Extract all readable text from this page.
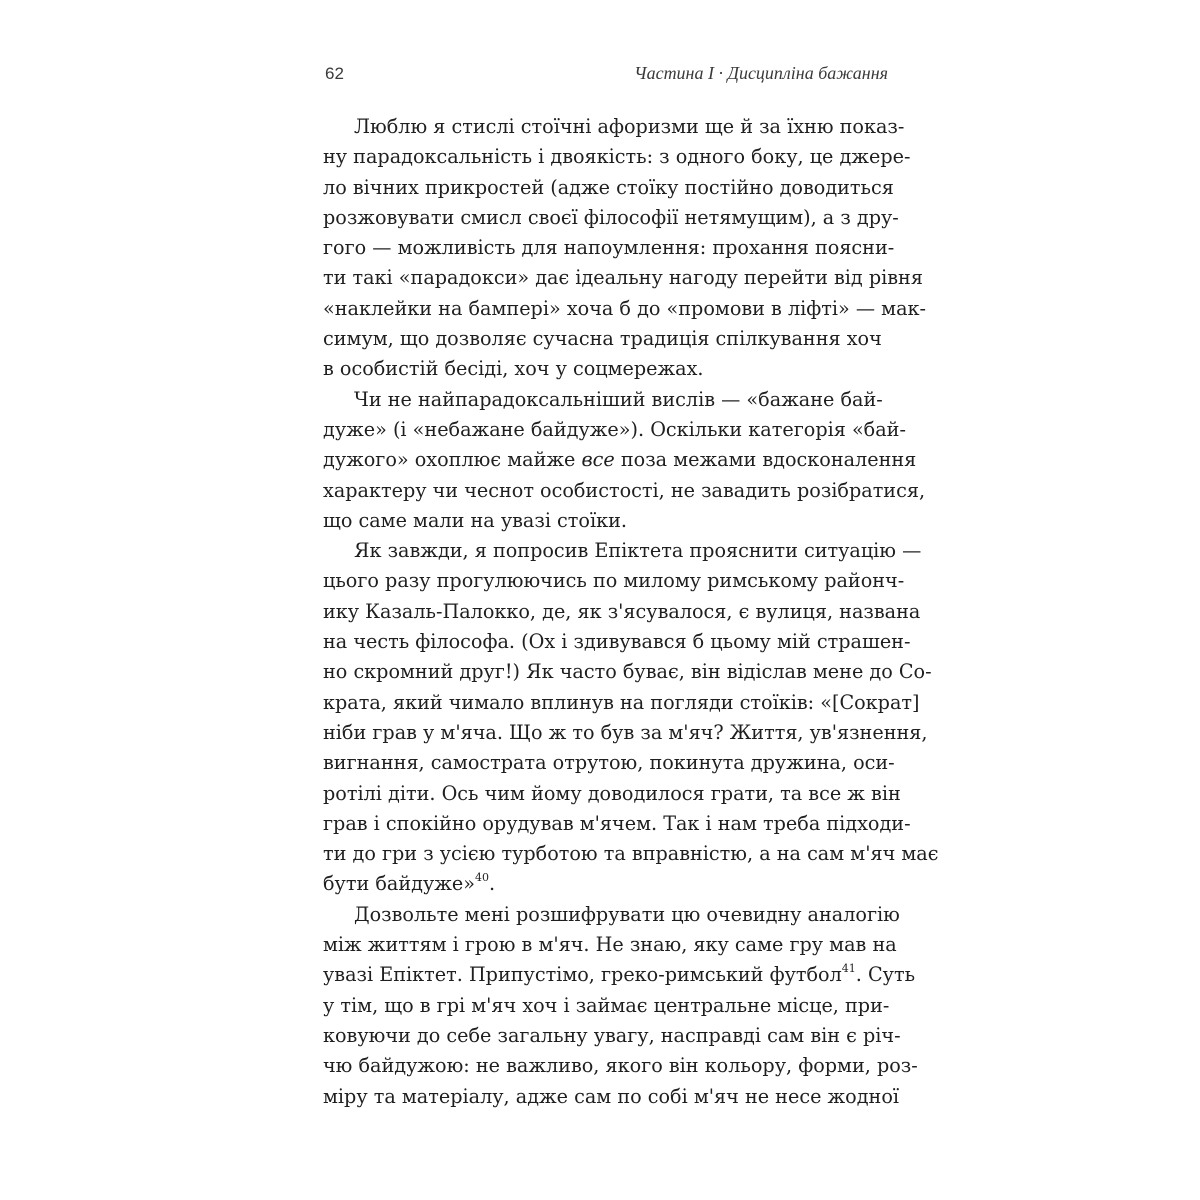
62	Частина I · Дисципліна бажання
Люблю я стислі стоїчні афоризми ще й за їхню показ-
ну парадоксальність і двоякість: з одного боку, це джере-
ло вічних прикростей (адже стоїку постійно доводиться
розжовувати смисл своєї філософії нетямущим), а з дру-
гого — можливість для напоумлення: прохання поясни-
ти такі «парадокси» дає ідеальну нагоду перейти від рівня
«наклейки на бампері» хоча б до «промови в ліфті» — мак-
симум, що дозволяє сучасна традиція спілкування хоч
в особистій бесіді, хоч у соцмережах.
Чи не найпарадоксальніший вислів — «бажане бай-
дуже» (і «небажане байдуже»). Оскільки категорія «бай-
дужого» охоплює майже все поза межами вдосконалення
характеру чи чеснот особистості, не завадить розібратися,
що саме мали на увазі стоїки.
Як завжди, я попросив Епіктета прояснити ситуацію —
цього разу прогулюючись по милому римському районч-
ику Казаль-Палокко, де, як з'ясувалося, є вулиця, названа
на честь філософа. (Ох і здивувався б цьому мій страшен-
но скромний друг!) Як часто буває, він відіслав мене до Со-
крата, який чимало вплинув на погляди стоїків: «[Сократ]
ніби грав у м'яча. Що ж то був за м'яч? Життя, ув'язнення,
вигнання, самострата отрутою, покинута дружина, оси-
ротілі діти. Ось чим йому доводилося грати, та все ж він
грав і спокійно орудував м'ячем. Так і нам треба підходи-
ти до гри з усією турботою та вправністю, а на сам м'яч має
бути байдуже»$^{40}$.
Дозвольте мені розшифрувати цю очевидну аналогію
між життям і грою в м'яч. Не знаю, яку саме гру мав на
увазі Епіктет. Припустімо, греко-римський футбол$^{41}$. Суть
у тім, що в грі м'яч хоч і займає центральне місце, при-
ковуючи до себе загальну увагу, насправді сам він є річ-
чю байдужою: не важливо, якого він кольору, форми, роз-
міру та матеріалу, адже сам по собі м'яч не несе жодної
